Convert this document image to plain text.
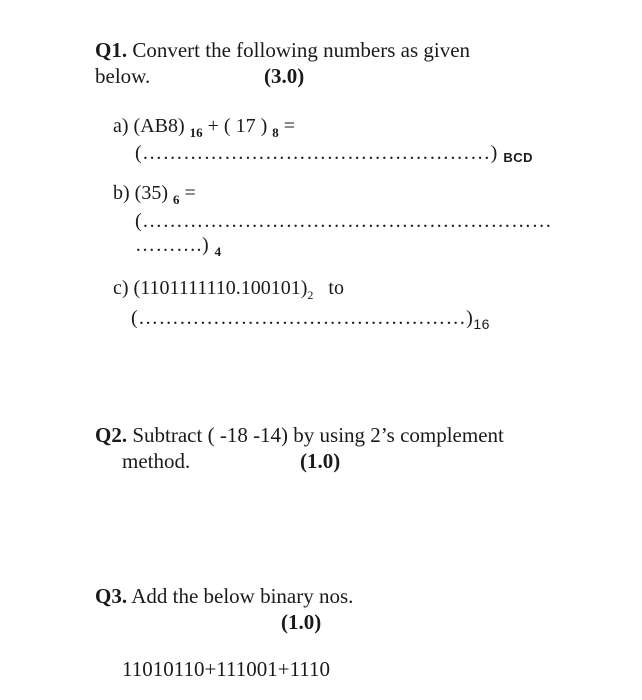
Q1. Convert the following numbers as given
below.	(3.0)
a) (AB8) $_{16}$ + ( 17 ) $_8$ =
(……………………………………………) BCD
b) (35) $_6$ =
(……………………………………………………
……….) $_4$
c) $(1101111110.100101)_2$ to
$(\dots\dots\dots\dots\dots\dots\dots\dots\dots\dots\dots\dots\dots\dots\dots\dots)_{16}$
Q2. Subtract ( -18 -14) by using 2’s complement
method.	(1.0)
Q3. Add the below binary nos.
(1.0)
11010110+111001+1110
